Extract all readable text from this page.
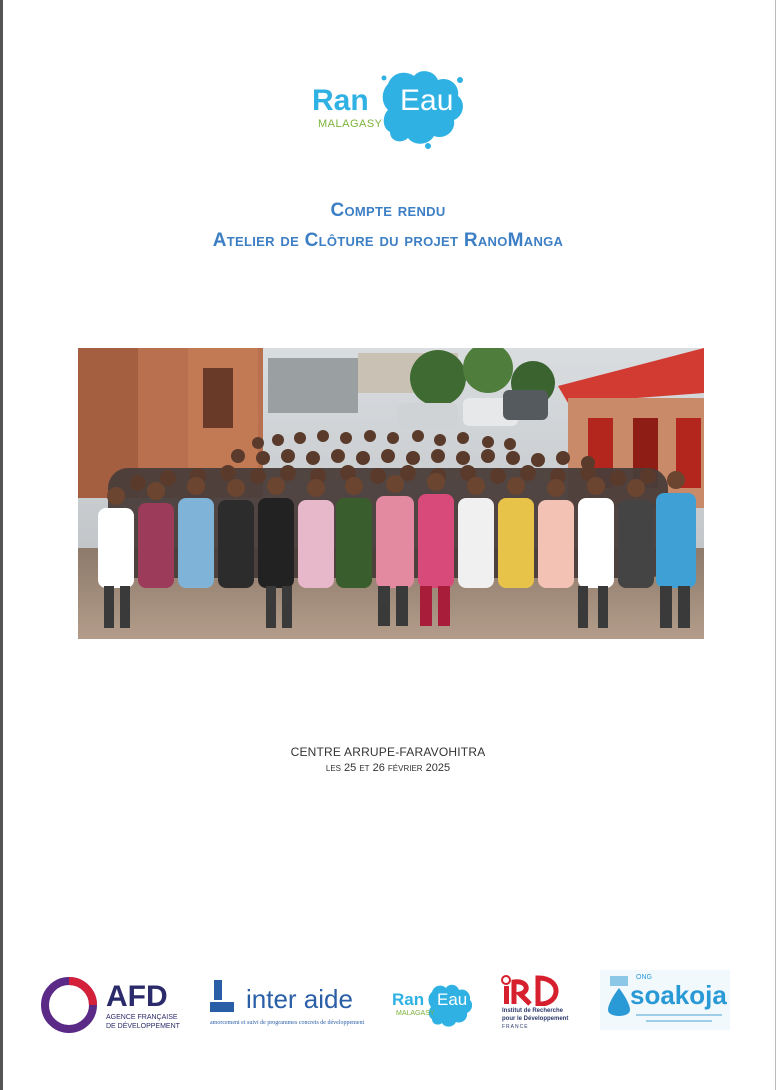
Ran Eau
MALAGASY
Compte rendu
Atelier de Clôture du projet RanoManga
CENTRE ARRUPE-FARAVOHITRA
les 25 et 26 février 2025
AFD
AGENCE FRANÇAISE
DE DÉVELOPPEMENT
inter aide
amorcement et suivi de programmes concrets de développement
Ran Eau
MALAGASY	Institut de Recherche
pour le Développement
FRANCE
ONG
soakoja
